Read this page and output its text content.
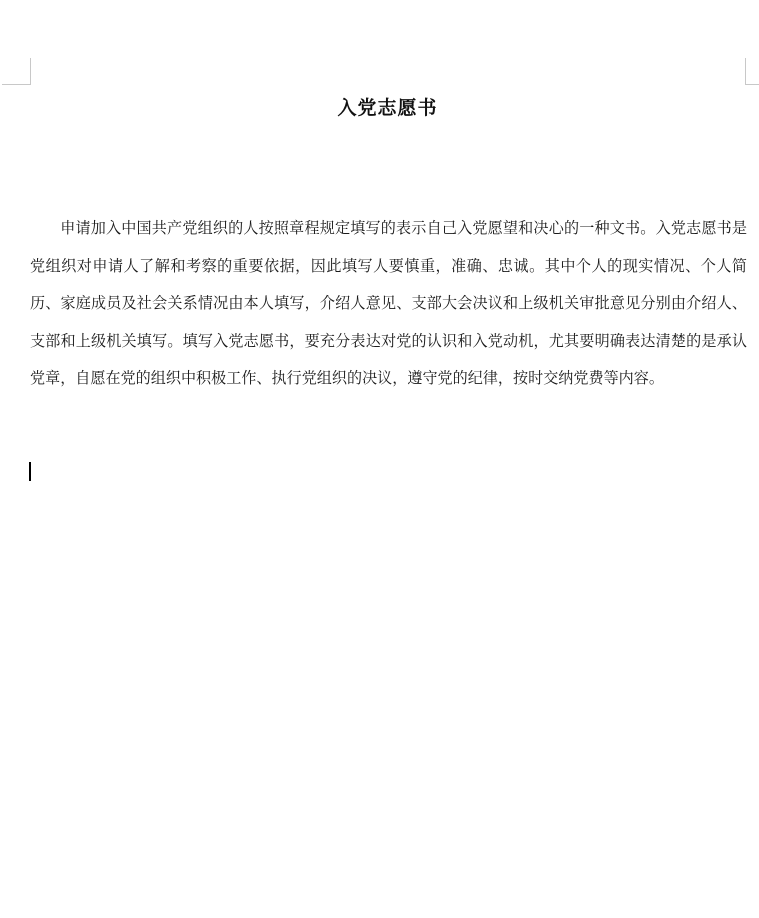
入党志愿书

申请加入中国共产党组织的人按照章程规定填写的表示自己入党愿望和决心的一种文书。入党志愿书是党组织对申请人了解和考察的重要依据，因此填写人要慎重，准确、忠诚。其中个人的现实情况、个人简历、家庭成员及社会关系情况由本人填写，介绍人意见、支部大会决议和上级机关审批意见分别由介绍人、支部和上级机关填写。填写入党志愿书，要充分表达对党的认识和入党动机，尤其要明确表达清楚的是承认党章，自愿在党的组织中积极工作、执行党组织的决议，遵守党的纪律，按时交纳党费等内容。
